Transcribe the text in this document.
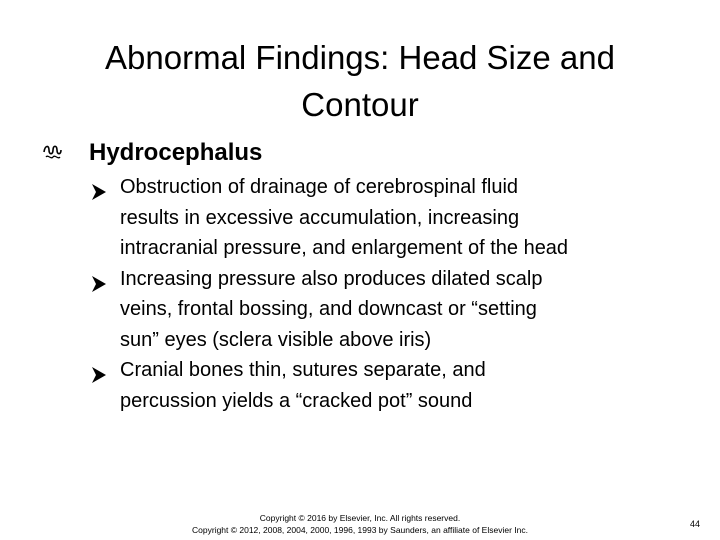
Abnormal Findings: Head Size and Contour
Hydrocephalus
Obstruction of drainage of cerebrospinal fluid
results in excessive accumulation, increasing
intracranial pressure, and enlargement of the head
Increasing pressure also produces dilated scalp
veins, frontal bossing, and downcast or “setting
sun” eyes (sclera visible above iris)
Cranial bones thin, sutures separate, and
percussion yields a “cracked pot” sound
Copyright © 2016 by Elsevier, Inc. All rights reserved.
Copyright © 2012, 2008, 2004, 2000, 1996, 1993 by Saunders, an affiliate of Elsevier Inc.
44
